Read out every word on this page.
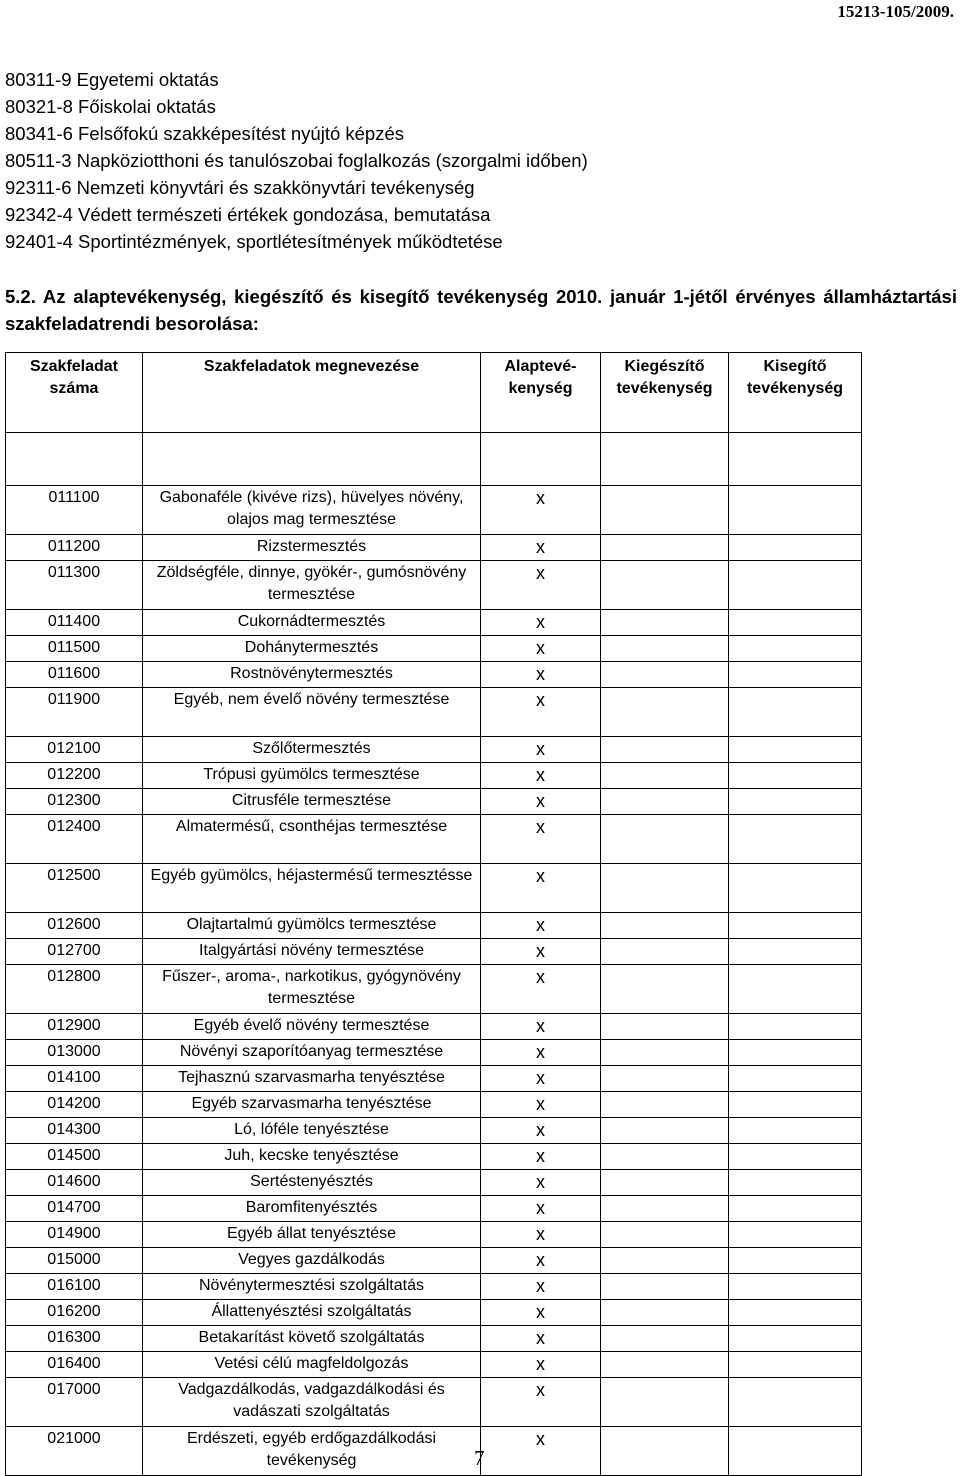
15213-105/2009.
80311-9 Egyetemi oktatás
80321-8 Főiskolai oktatás
80341-6 Felsőfokú szakképesítést nyújtó képzés
80511-3 Napköziotthoni és tanulószobai foglalkozás (szorgalmi időben)
92311-6 Nemzeti könyvtári és szakkönyvtári tevékenység
92342-4 Védett természeti értékek gondozása, bemutatása
92401-4 Sportintézmények, sportlétesítmények működtetése

5.2. Az alaptevékenység, kiegészítő és kisegítő tevékenység 2010. január 1-jétől érvényes államháztartási szakfeladatrendi besorolása:

Szakfeladat száma	Szakfeladatok megnevezése	Alaptevé-kenység	Kiegészítő tevékenység	Kisegítő tevékenység

011100	Gabonaféle (kivéve rizs), hüvelyes növény, olajos mag termesztése	x		
011200	Rizstermesztés	x		
011300	Zöldségféle, dinnye, gyökér-, gumósnövény termesztése	x		
011400	Cukornádtermesztés	x		
011500	Dohánytermesztés	x		
011600	Rostnövénytermesztés	x		
011900	Egyéb, nem évelő növény termesztése	x		
012100	Szőlőtermesztés	x		
012200	Trópusi gyümölcs termesztése	x		
012300	Citrusféle termesztése	x		
012400	Almatermésű, csonthéjas termesztése	x		
012500	Egyéb gyümölcs, héjastermésű termesztésse	x		
012600	Olajtartalmú gyümölcs termesztése	x		
012700	Italgyártási növény termesztése	x		
012800	Fűszer-, aroma-, narkotikus, gyógynövény termesztése	x		
012900	Egyéb évelő növény termesztése	x		
013000	Növényi szaporítóanyag termesztése	x		
014100	Tejhasznú szarvasmarha tenyésztése	x		
014200	Egyéb szarvasmarha tenyésztése	x		
014300	Ló, lóféle tenyésztése	x		
014500	Juh, kecske tenyésztése	x		
014600	Sertéstenyésztés	x		
014700	Baromfitenyésztés	x		
014900	Egyéb állat tenyésztése	x		
015000	Vegyes gazdálkodás	x		
016100	Növénytermesztési szolgáltatás	x		
016200	Állattenyésztési szolgáltatás	x		
016300	Betakarítást követő szolgáltatás	x		
016400	Vetési célú magfeldolgozás	x		
017000	Vadgazdálkodás, vadgazdálkodási és vadászati szolgáltatás	x		
021000	Erdészeti, egyéb erdőgazdálkodási tevékenység	x		
7
